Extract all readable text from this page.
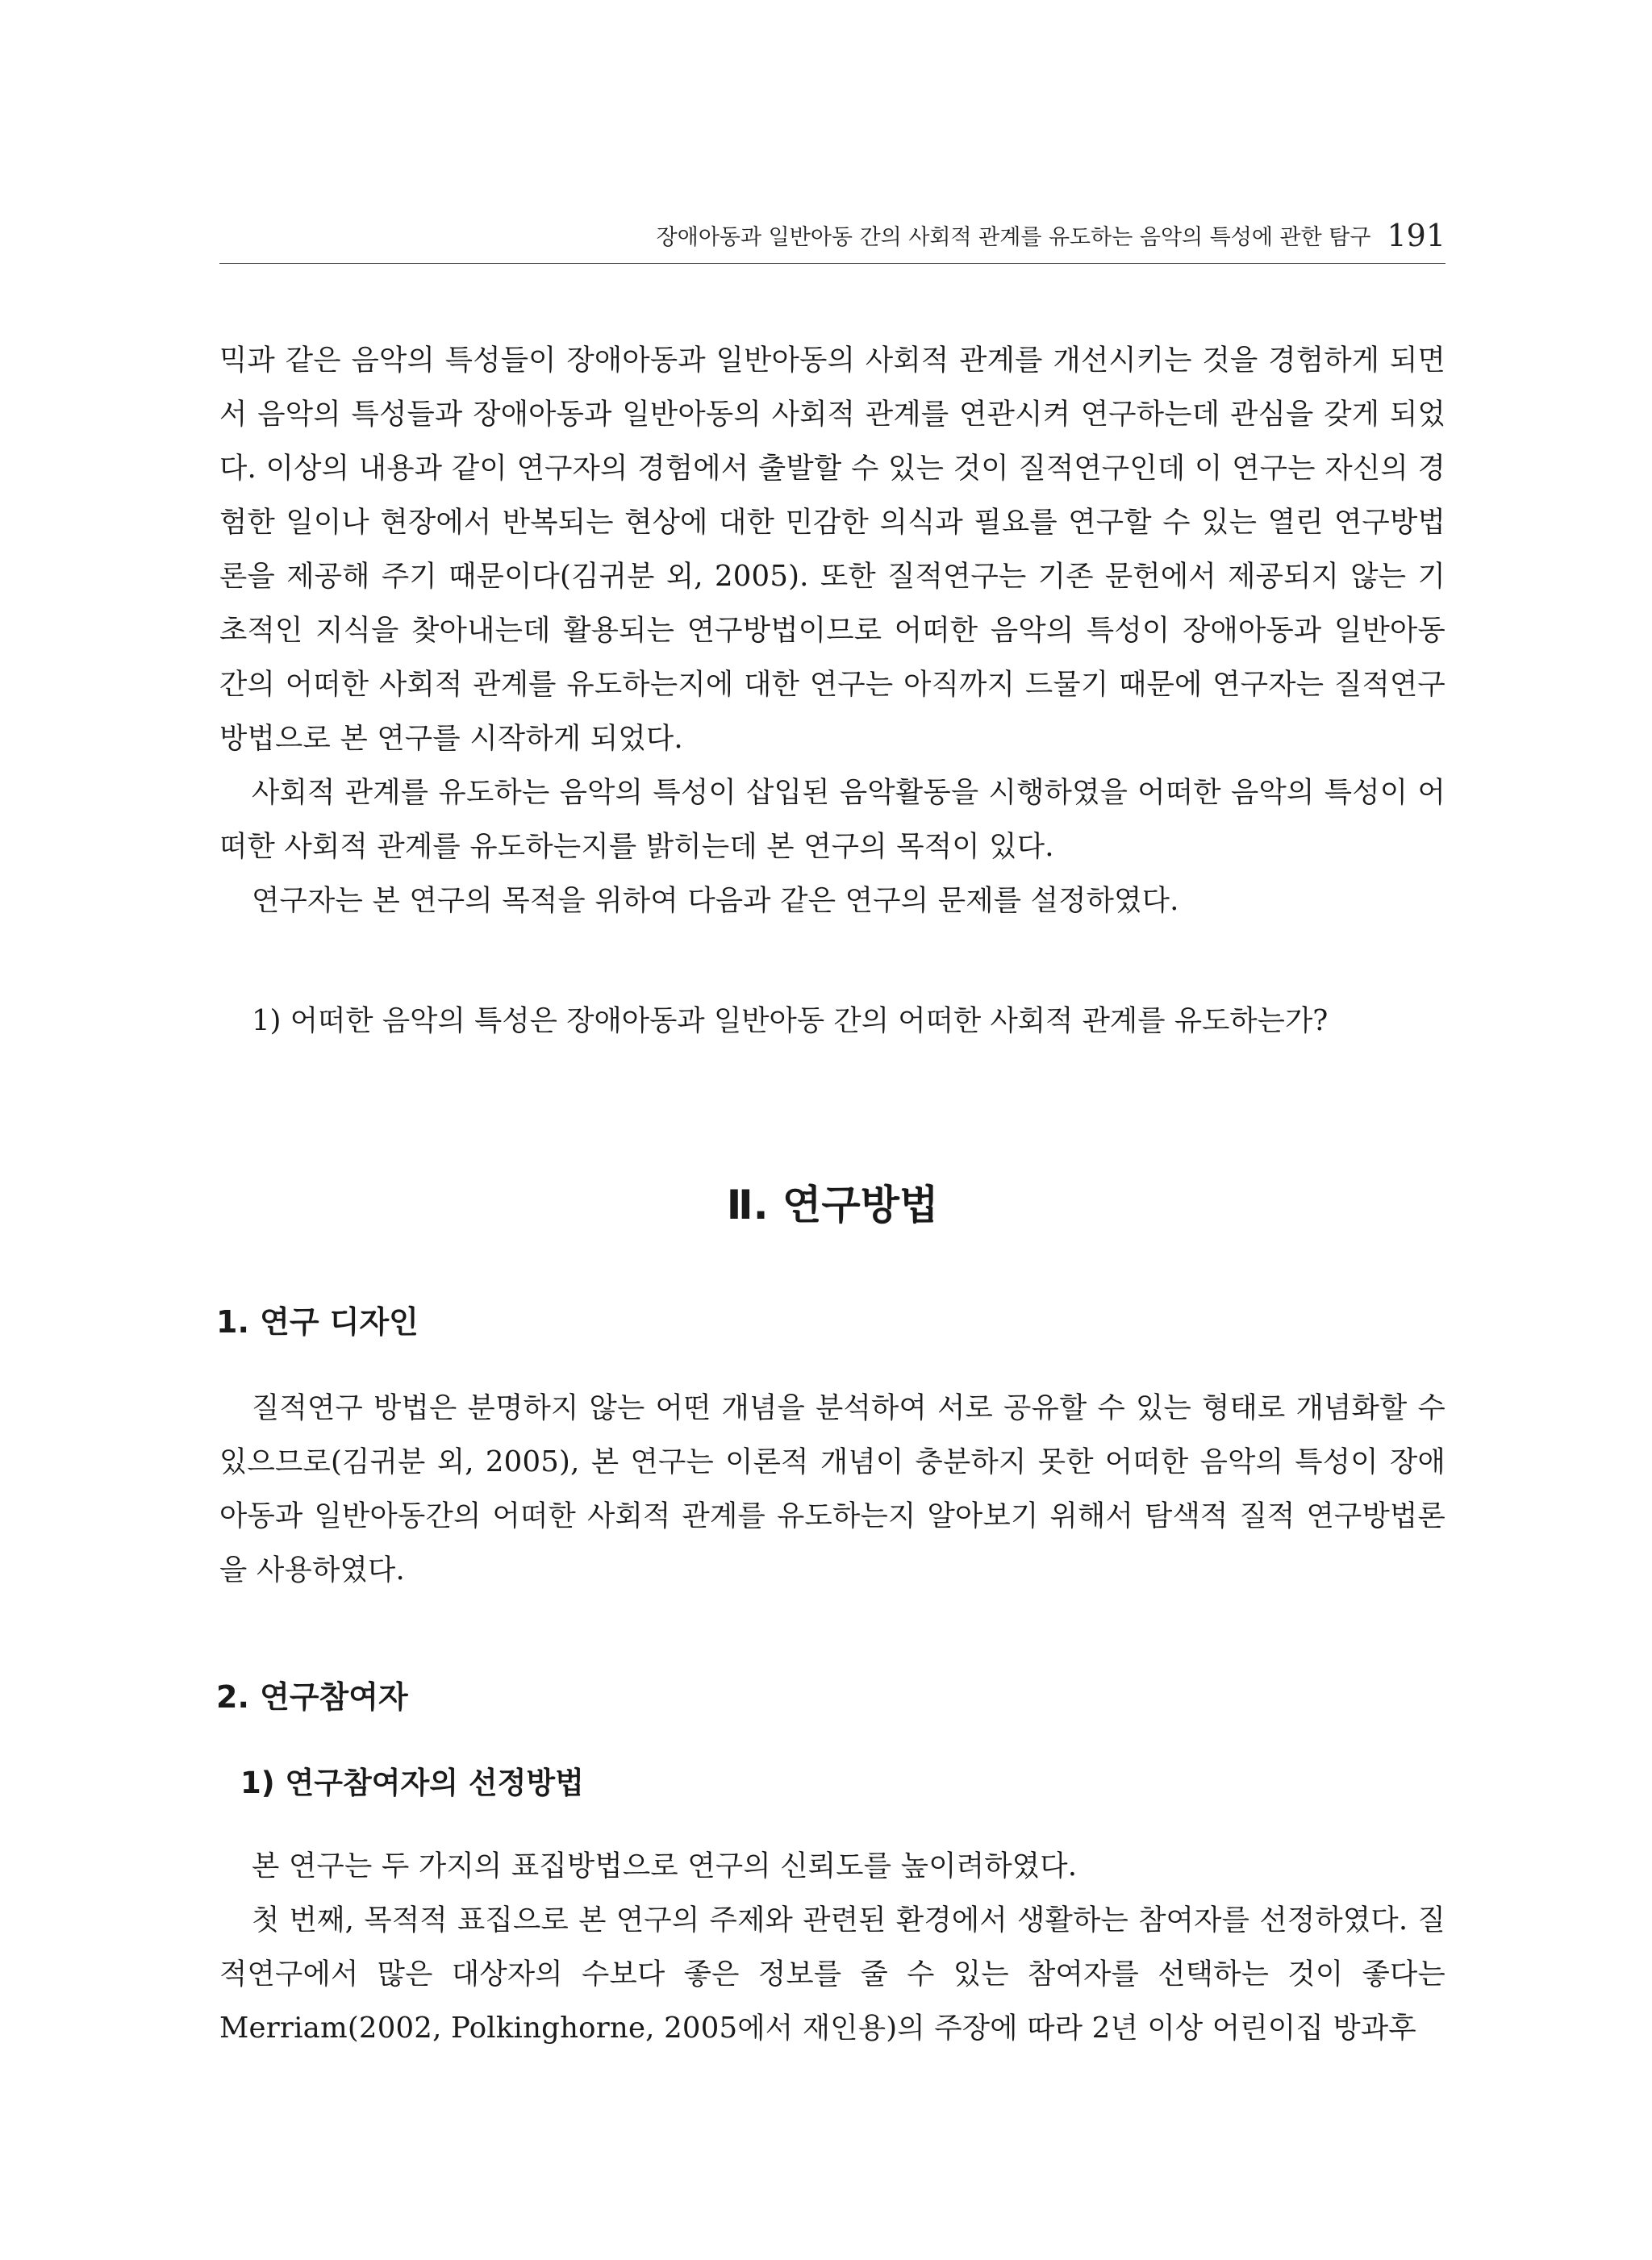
장애아동과 일반아동 간의 사회적 관계를 유도하는 음악의 특성에 관한 탐구 191

믹과 같은 음악의 특성들이 장애아동과 일반아동의 사회적 관계를 개선시키는 것을 경험하게 되면서 음악의 특성들과 장애아동과 일반아동의 사회적 관계를 연관시켜 연구하는데 관심을 갖게 되었다. 이상의 내용과 같이 연구자의 경험에서 출발할 수 있는 것이 질적연구인데 이 연구는 자신의 경험한 일이나 현장에서 반복되는 현상에 대한 민감한 의식과 필요를 연구할 수 있는 열린 연구방법론을 제공해 주기 때문이다(김귀분 외, 2005). 또한 질적연구는 기존 문헌에서 제공되지 않는 기초적인 지식을 찾아내는데 활용되는 연구방법이므로 어떠한 음악의 특성이 장애아동과 일반아동 간의 어떠한 사회적 관계를 유도하는지에 대한 연구는 아직까지 드물기 때문에 연구자는 질적연구 방법으로 본 연구를 시작하게 되었다.

사회적 관계를 유도하는 음악의 특성이 삽입된 음악활동을 시행하였을 어떠한 음악의 특성이 어떠한 사회적 관계를 유도하는지를 밝히는데 본 연구의 목적이 있다.

연구자는 본 연구의 목적을 위하여 다음과 같은 연구의 문제를 설정하였다.

1) 어떠한 음악의 특성은 장애아동과 일반아동 간의 어떠한 사회적 관계를 유도하는가?

Ⅱ. 연구방법
1. 연구 디자인

질적연구 방법은 분명하지 않는 어떤 개념을 분석하여 서로 공유할 수 있는 형태로 개념화할 수 있으므로(김귀분 외, 2005), 본 연구는 이론적 개념이 충분하지 못한 어떠한 음악의 특성이 장애아동과 일반아동간의 어떠한 사회적 관계를 유도하는지 알아보기 위해서 탐색적 질적 연구방법론을 사용하였다.

2. 연구참여자
1) 연구참여자의 선정방법

본 연구는 두 가지의 표집방법으로 연구의 신뢰도를 높이려하였다.

첫 번째, 목적적 표집으로 본 연구의 주제와 관련된 환경에서 생활하는 참여자를 선정하였다. 질적연구에서 많은 대상자의 수보다 좋은 정보를 줄 수 있는 참여자를 선택하는 것이 좋다는 Merriam(2002, Polkinghorne, 2005에서 재인용)의 주장에 따라 2년 이상 어린이집 방과후
